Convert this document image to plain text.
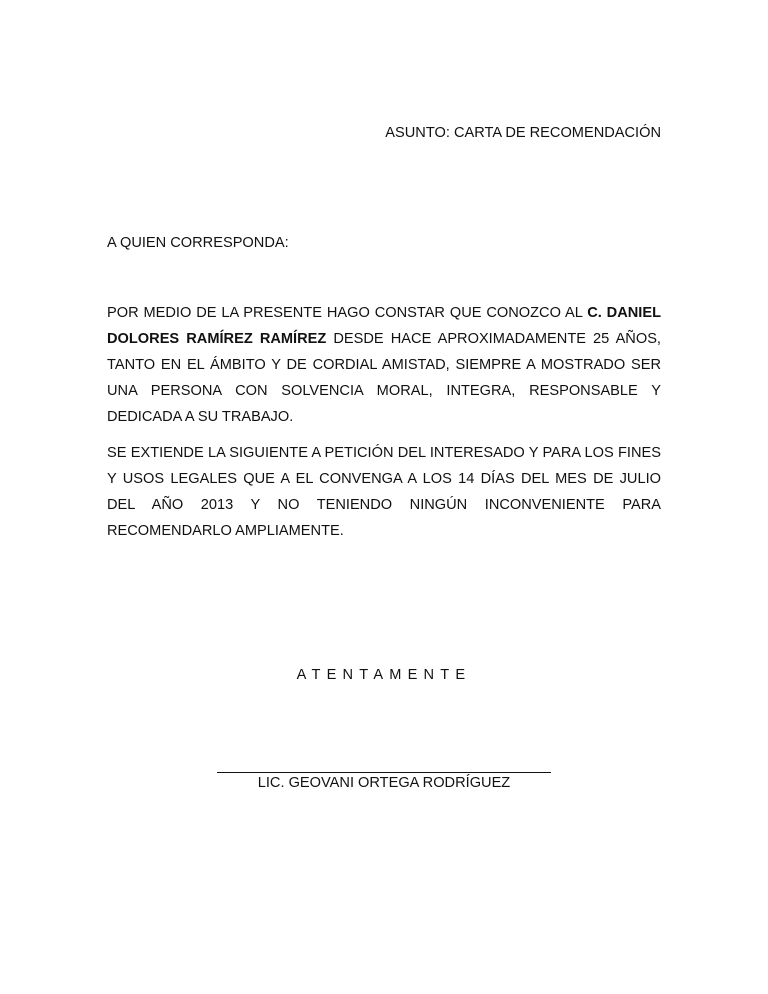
ASUNTO: CARTA DE RECOMENDACIÓN
A QUIEN CORRESPONDA:

POR MEDIO DE LA PRESENTE HAGO CONSTAR QUE CONOZCO AL C. DANIEL DOLORES RAMÍREZ RAMÍREZ DESDE HACE APROXIMADAMENTE 25 AÑOS, TANTO EN EL ÁMBITO Y DE CORDIAL AMISTAD, SIEMPRE A MOSTRADO SER UNA PERSONA CON SOLVENCIA MORAL, INTEGRA, RESPONSABLE Y DEDICADA A SU TRABAJO.

SE EXTIENDE LA SIGUIENTE A PETICIÓN DEL INTERESADO Y PARA LOS FINES Y USOS LEGALES QUE A EL CONVENGA A LOS 14 DÍAS DEL MES DE JULIO DEL AÑO 2013 Y NO TENIENDO NINGÚN INCONVENIENTE PARA RECOMENDARLO AMPLIAMENTE.

ATENTAMENTE
LIC. GEOVANI ORTEGA RODRÍGUEZ
